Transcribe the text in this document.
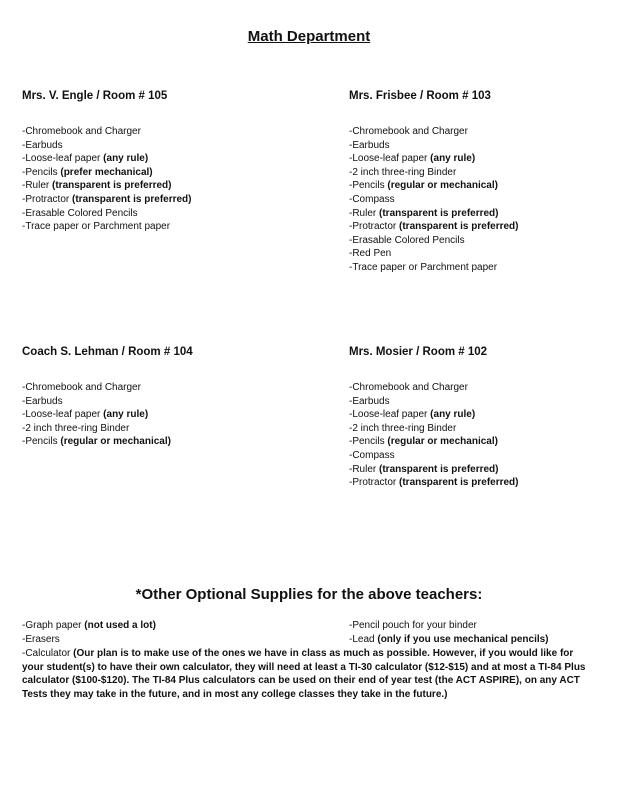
Math Department
Mrs. V. Engle / Room # 105
-Chromebook and Charger
-Earbuds
-Loose-leaf paper (any rule)
-Pencils (prefer mechanical)
-Ruler (transparent is preferred)
-Protractor (transparent is preferred)
-Erasable Colored Pencils
-Trace paper or Parchment paper
Mrs. Frisbee / Room # 103
-Chromebook and Charger
-Earbuds
-Loose-leaf paper (any rule)
-2 inch three-ring Binder
-Pencils (regular or mechanical)
-Compass
-Ruler (transparent is preferred)
-Protractor (transparent is preferred)
-Erasable Colored Pencils
-Red Pen
-Trace paper or Parchment paper
Coach S. Lehman / Room # 104
-Chromebook and Charger
-Earbuds
-Loose-leaf paper (any rule)
-2 inch three-ring Binder
-Pencils (regular or mechanical)
Mrs. Mosier / Room # 102
-Chromebook and Charger
-Earbuds
-Loose-leaf paper (any rule)
-2 inch three-ring Binder
-Pencils (regular or mechanical)
-Compass
-Ruler (transparent is preferred)
-Protractor (transparent is preferred)
*Other Optional Supplies for the above teachers:
-Graph paper (not used a lot)	-Pencil pouch for your binder
-Erasers	-Lead (only if you use mechanical pencils)
-Calculator (Our plan is to make use of the ones we have in class as much as possible. However, if you would like for your student(s) to have their own calculator, they will need at least a TI-30 calculator ($12-$15) and at most a TI-84 Plus calculator ($100-$120). The TI-84 Plus calculators can be used on their end of year test (the ACT ASPIRE), on any ACT Tests they may take in the future, and in most any college classes they take in the future.)
